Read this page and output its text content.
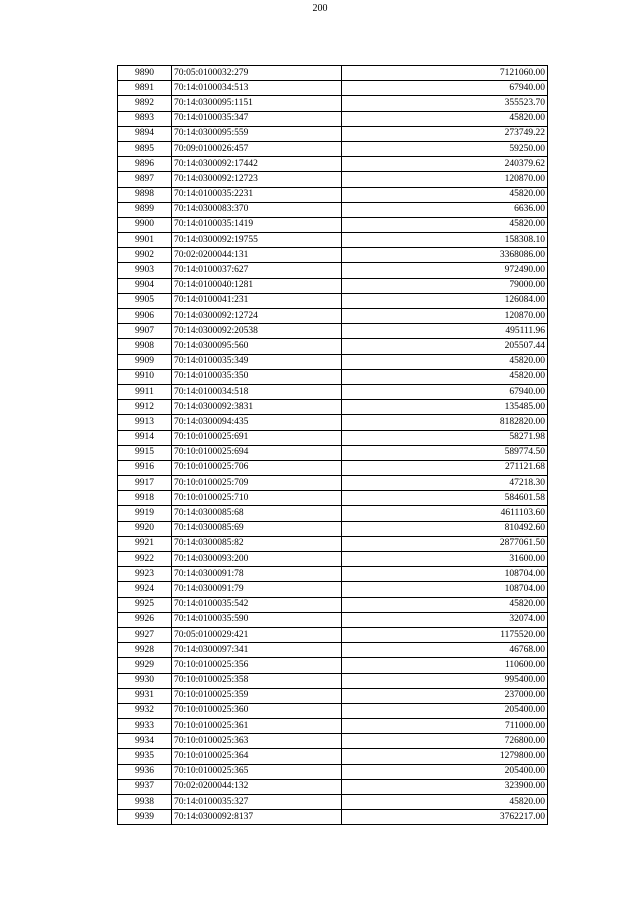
200
9890	70:05:0100032:279	7121060.00
9891	70:14:0100034:513	67940.00
9892	70:14:0300095:1151	355523.70
9893	70:14:0100035:347	45820.00
9894	70:14:0300095:559	273749.22
9895	70:09:0100026:457	59250.00
9896	70:14:0300092:17442	240379.62
9897	70:14:0300092:12723	120870.00
9898	70:14:0100035:2231	45820.00
9899	70:14:0300083:370	6636.00
9900	70:14:0100035:1419	45820.00
9901	70:14:0300092:19755	158308.10
9902	70:02:0200044:131	3368086.00
9903	70:14:0100037:627	972490.00
9904	70:14:0100040:1281	79000.00
9905	70:14:0100041:231	126084.00
9906	70:14:0300092:12724	120870.00
9907	70:14:0300092:20538	495111.96
9908	70:14:0300095:560	205507.44
9909	70:14:0100035:349	45820.00
9910	70:14:0100035:350	45820.00
9911	70:14:0100034:518	67940.00
9912	70:14:0300092:3831	135485.00
9913	70:14:0300094:435	8182820.00
9914	70:10:0100025:691	58271.98
9915	70:10:0100025:694	589774.50
9916	70:10:0100025:706	271121.68
9917	70:10:0100025:709	47218.30
9918	70:10:0100025:710	584601.58
9919	70:14:0300085:68	4611103.60
9920	70:14:0300085:69	810492.60
9921	70:14:0300085:82	2877061.50
9922	70:14:0300093:200	31600.00
9923	70:14:0300091:78	108704.00
9924	70:14:0300091:79	108704.00
9925	70:14:0100035:542	45820.00
9926	70:14:0100035:590	32074.00
9927	70:05:0100029:421	1175520.00
9928	70:14:0300097:341	46768.00
9929	70:10:0100025:356	110600.00
9930	70:10:0100025:358	995400.00
9931	70:10:0100025:359	237000.00
9932	70:10:0100025:360	205400.00
9933	70:10:0100025:361	711000.00
9934	70:10:0100025:363	726800.00
9935	70:10:0100025:364	1279800.00
9936	70:10:0100025:365	205400.00
9937	70:02:0200044:132	323900.00
9938	70:14:0100035:327	45820.00
9939	70:14:0300092:8137	3762217.00
